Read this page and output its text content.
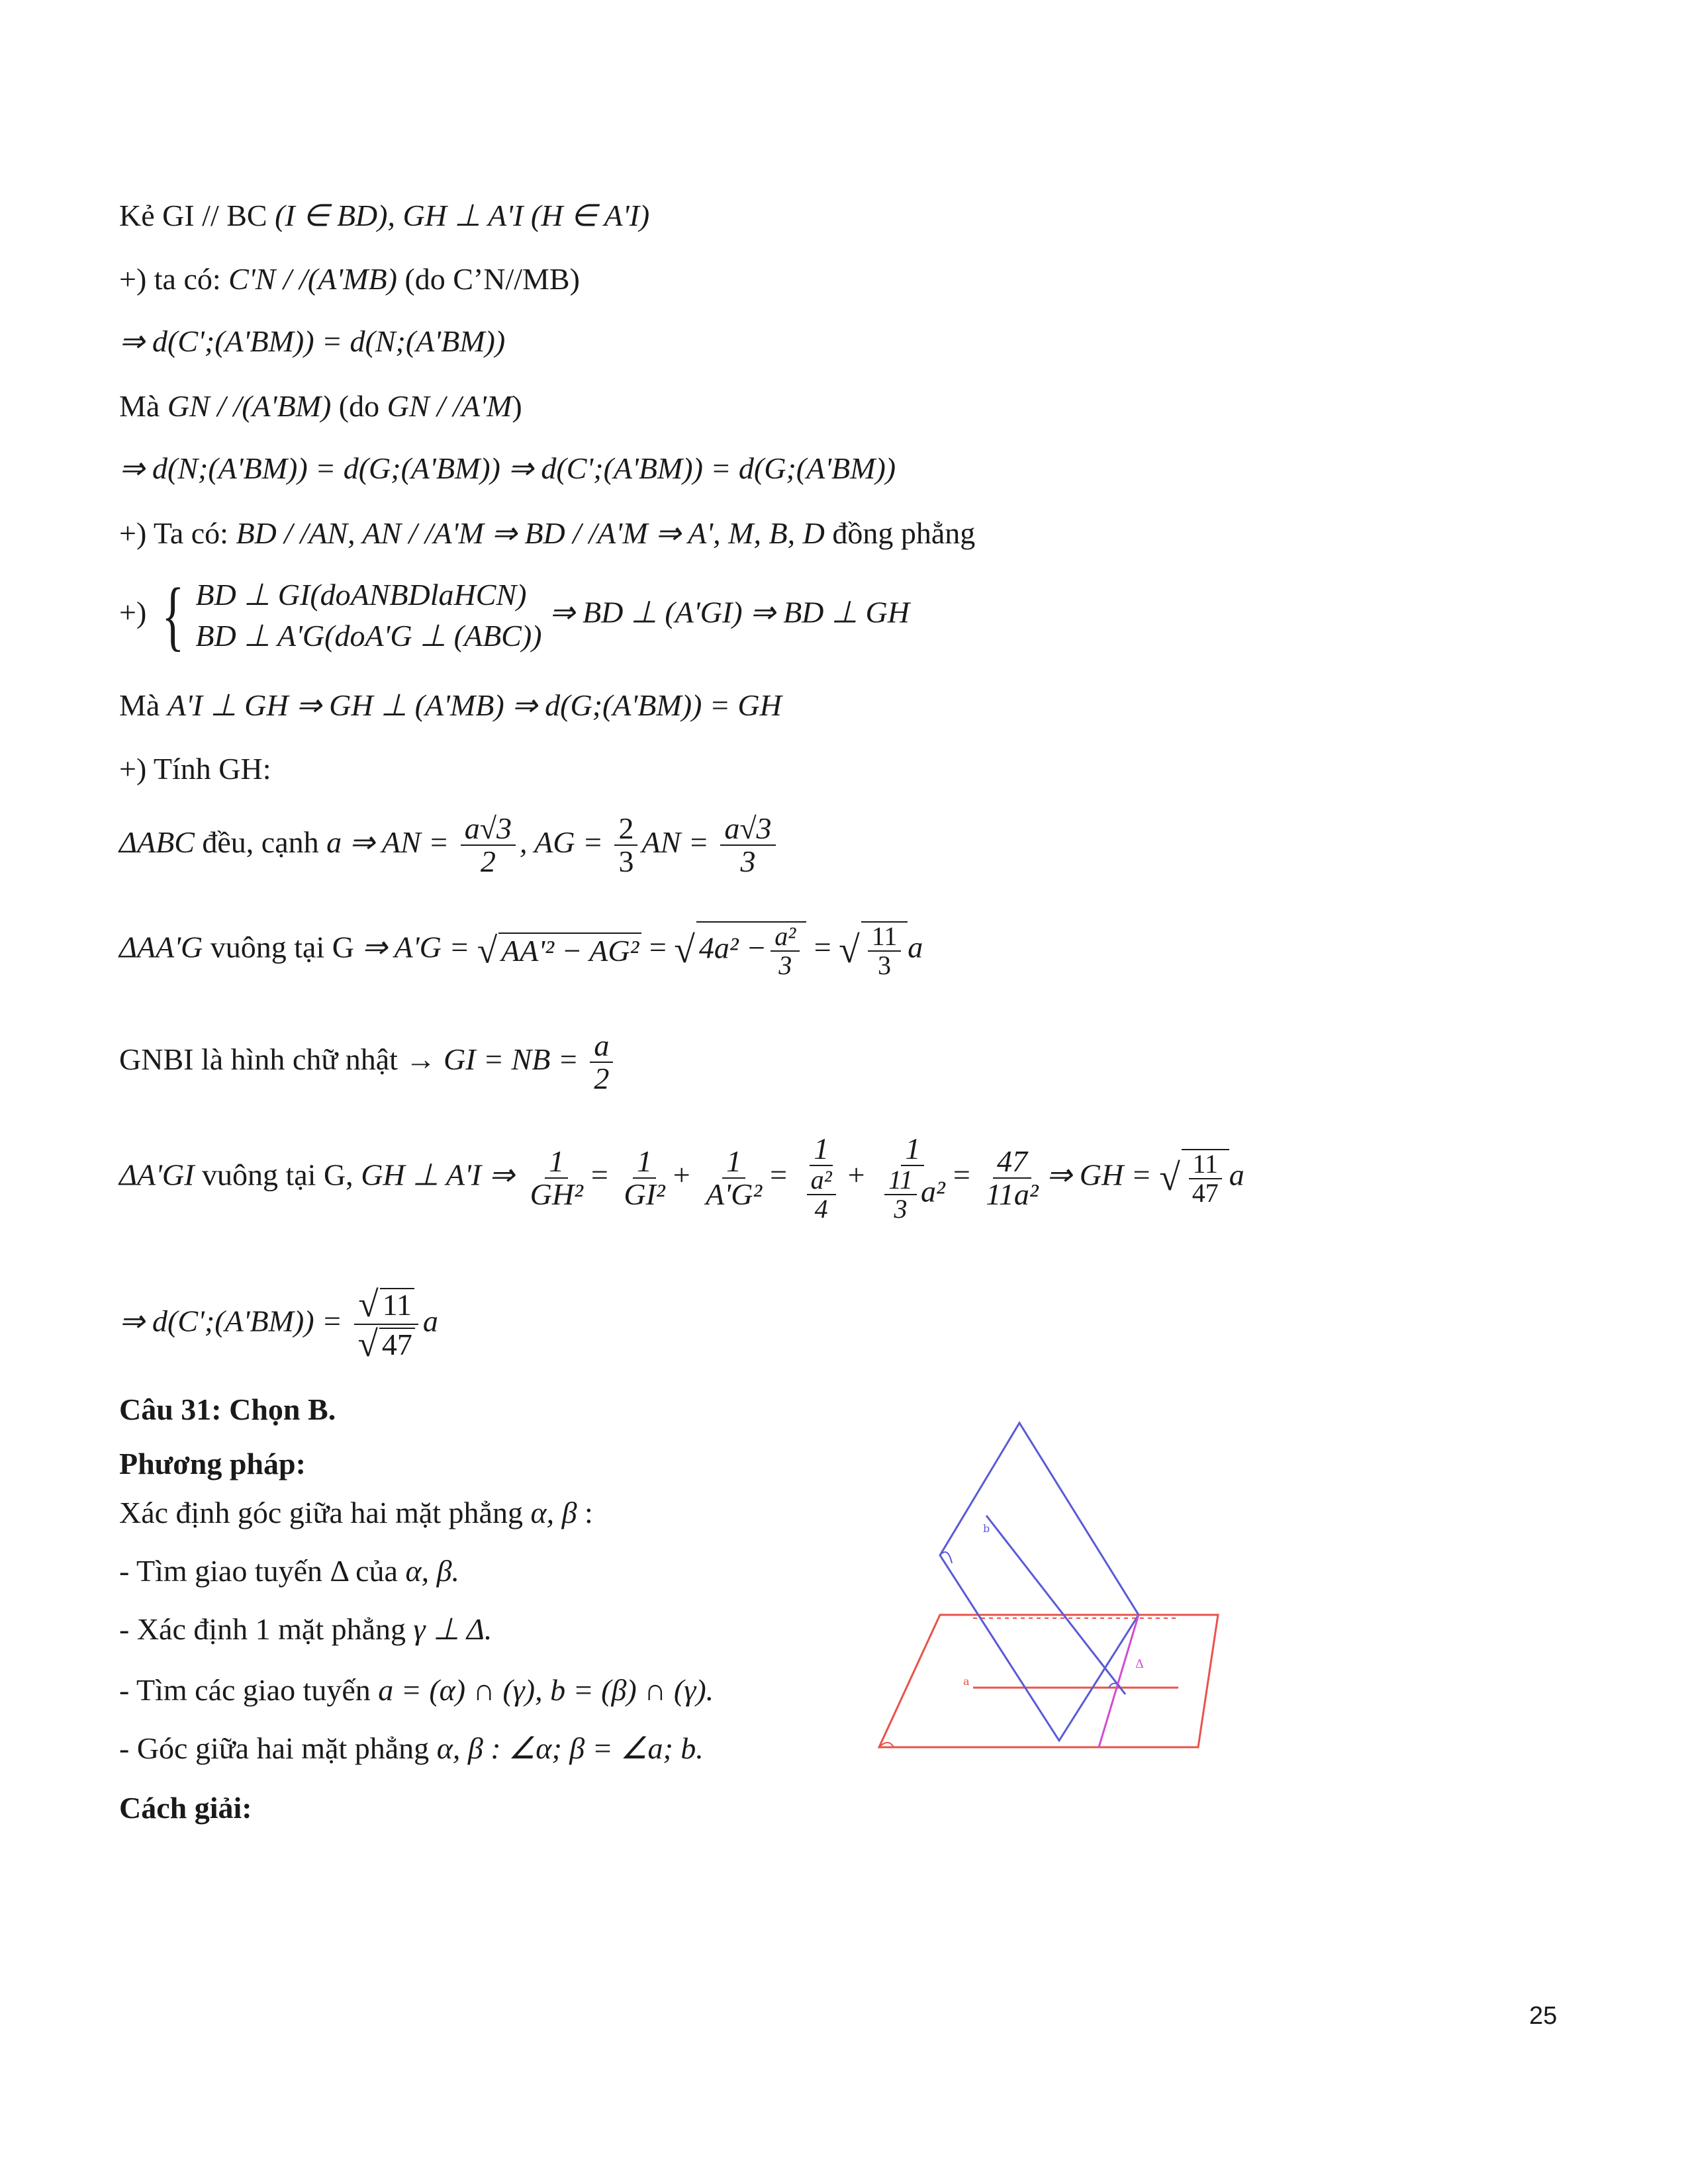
Kẻ GI // BC (I ∈ BD), GH ⊥ A'I (H ∈ A'I)
+) ta có: C'N / /(A'MB) (do C’N//MB)
⇒ d(C';(A'BM)) = d(N;(A'BM))
Mà GN / /(A'BM) (do GN / /A'M)
⇒ d(N;(A'BM)) = d(G;(A'BM)) ⇒ d(C';(A'BM)) = d(G;(A'BM))
+) Ta có: BD / /AN, AN / /A'M ⇒ BD / /A'M ⇒ A', M, B, D đồng phẳng
+) { BD ⊥ GI(doANBDlaHCN)
BD ⊥ A'G(doA'G ⊥ (ABC))
⇒ BD ⊥ (A'GI) ⇒ BD ⊥ GH
Mà A'I ⊥ GH ⇒ GH ⊥ (A'MB) ⇒ d(G;(A'BM)) = GH
+) Tính GH:
ΔABC đều, cạnh a ⇒ AN = $\frac{a√3}{2}$ , AG = $\frac{2}{3}$ AN = $\frac{a√3}{3}$
ΔAA'G vuông tại G ⇒ A'G = √ AA'² − AG² = √ $4a^2 - \frac{\text{a²}}{3}$ = √ $\frac{11}{3}$ a
GNBI là hình chữ nhật → GI = NB = $\frac{a}{2}$
ΔA'GI vuông tại G, GH ⊥ A'I ⇒ $\frac{1}{\text{GH²}} = \frac{1}{\text{GI²}} + \frac{1}{\text{A'G²}} = \frac{1}{\frac{\text{a²}}{4}} + \frac{1}{\frac{11}{3} a^2} = \frac{47}{\text{11a²}}$ ⇒ GH = √ $\frac{11}{47}$ a
⇒ d(C';(A'BM)) = $\frac{√ 11}{√ 47}$ a
Câu 31: Chọn B.
Phương pháp:
Xác định góc giữa hai mặt phẳng α, β :
- Tìm giao tuyến Δ của α, β.
- Xác định 1 mặt phẳng γ ⊥ Δ.
- Tìm các giao tuyến a = (α) ∩ (γ), b = (β) ∩ (γ).
- Góc giữa hai mặt phẳng α, β : ∠α; β = ∠a; b.
Cách giải:
Δ
b
a
25
